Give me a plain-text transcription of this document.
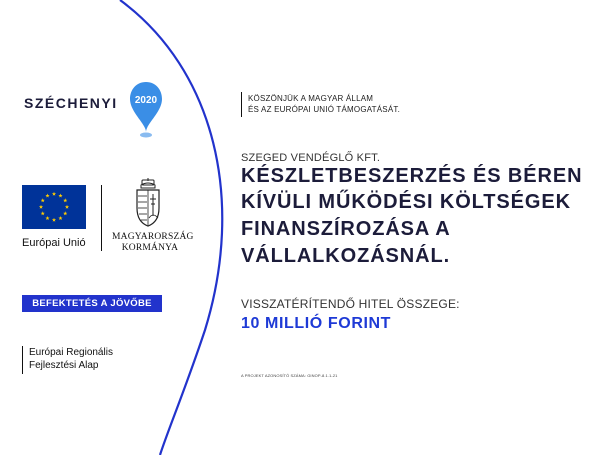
SZÉCHENYI	2020
Európai Unió	MAGYARORSZÁG
KORMÁNYA
BEFEKTETÉS A JÖVŐBE
Európai Regionális
Fejlesztési Alap
KÖSZÖNJÜK A MAGYAR ÁLLAM
ÉS AZ EURÓPAI UNIÓ TÁMOGATÁSÁT.
SZEGED VENDÉGLŐ KFT.
KÉSZLETBESZERZÉS ÉS BÉREN
KÍVÜLI MŰKÖDÉSI KÖLTSÉGEK
FINANSZÍROZÁSA A
VÁLLALKOZÁSNÁL.
VISSZATÉRÍTENDŐ HITEL ÖSSZEGE:
10 MILLIÓ FORINT
A PROJEKT AZONOSÍTÓ SZÁMA: GINOP-8.1.1-21
